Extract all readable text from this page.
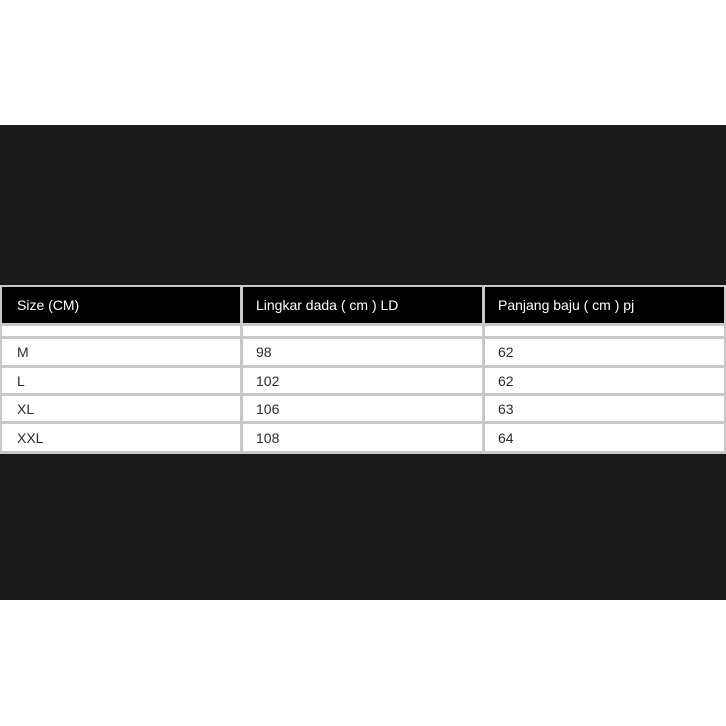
Size (CM)	Lingkar dada ( cm ) LD	Panjang baju ( cm ) pj
M	98	62
L	102	62
XL	106	63
XXL	108	64
